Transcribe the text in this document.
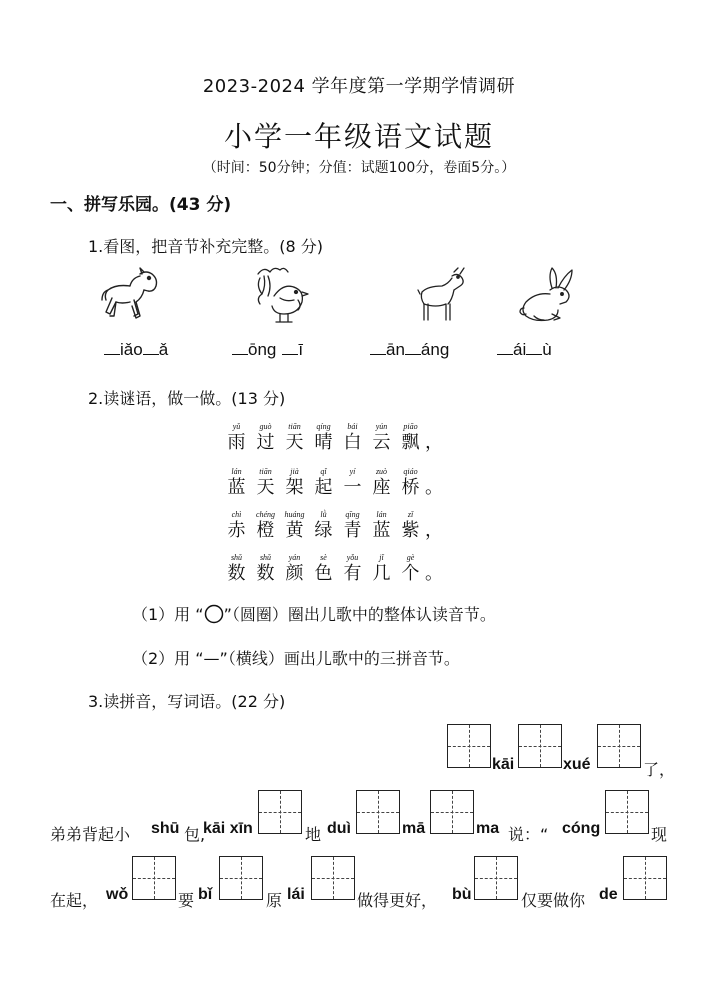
2023-2024 学年度第一学期学情调研
小学一年级语文试题
（时间：50分钟；分值：试题100分，卷面5分。）
一、拼写乐园。(43 分)
1.看图，把音节补充完整。(8 分)
iǎo ǎ	ōng ī	ān áng	ái ù
2.读谜语，做一做。(13 分)
yǔ
雨
guò
过
tiān
天
qíng
晴
bái
白
yún
云
piāo
飘 ，
lán
蓝
tiān
天
jià
架
qǐ
起
yí
一
zuò
座
qiáo
桥 。
chì
赤
chéng
橙
huáng
黄
lǜ
绿
qīng
青
lán
蓝
zǐ
紫 ，
shǔ
数
shǔ
数
yán
颜
sè
色
yǒu
有
jǐ
几
gè
个 。
（1）用 “ ”（圆圈）圈出儿歌中的整体认读音节。
（2）用 “—”（横线）画出儿歌中的三拼音节。
3.读拼音，写词语。(22 分)
kāi	xué	了，
弟弟背起小 shū 包,
kāi xīn	地 duì	mā	ma 说：“ cóng	现
在起， wǒ	要 bǐ	原 lái	做得更好， bù	仅要做你 de
